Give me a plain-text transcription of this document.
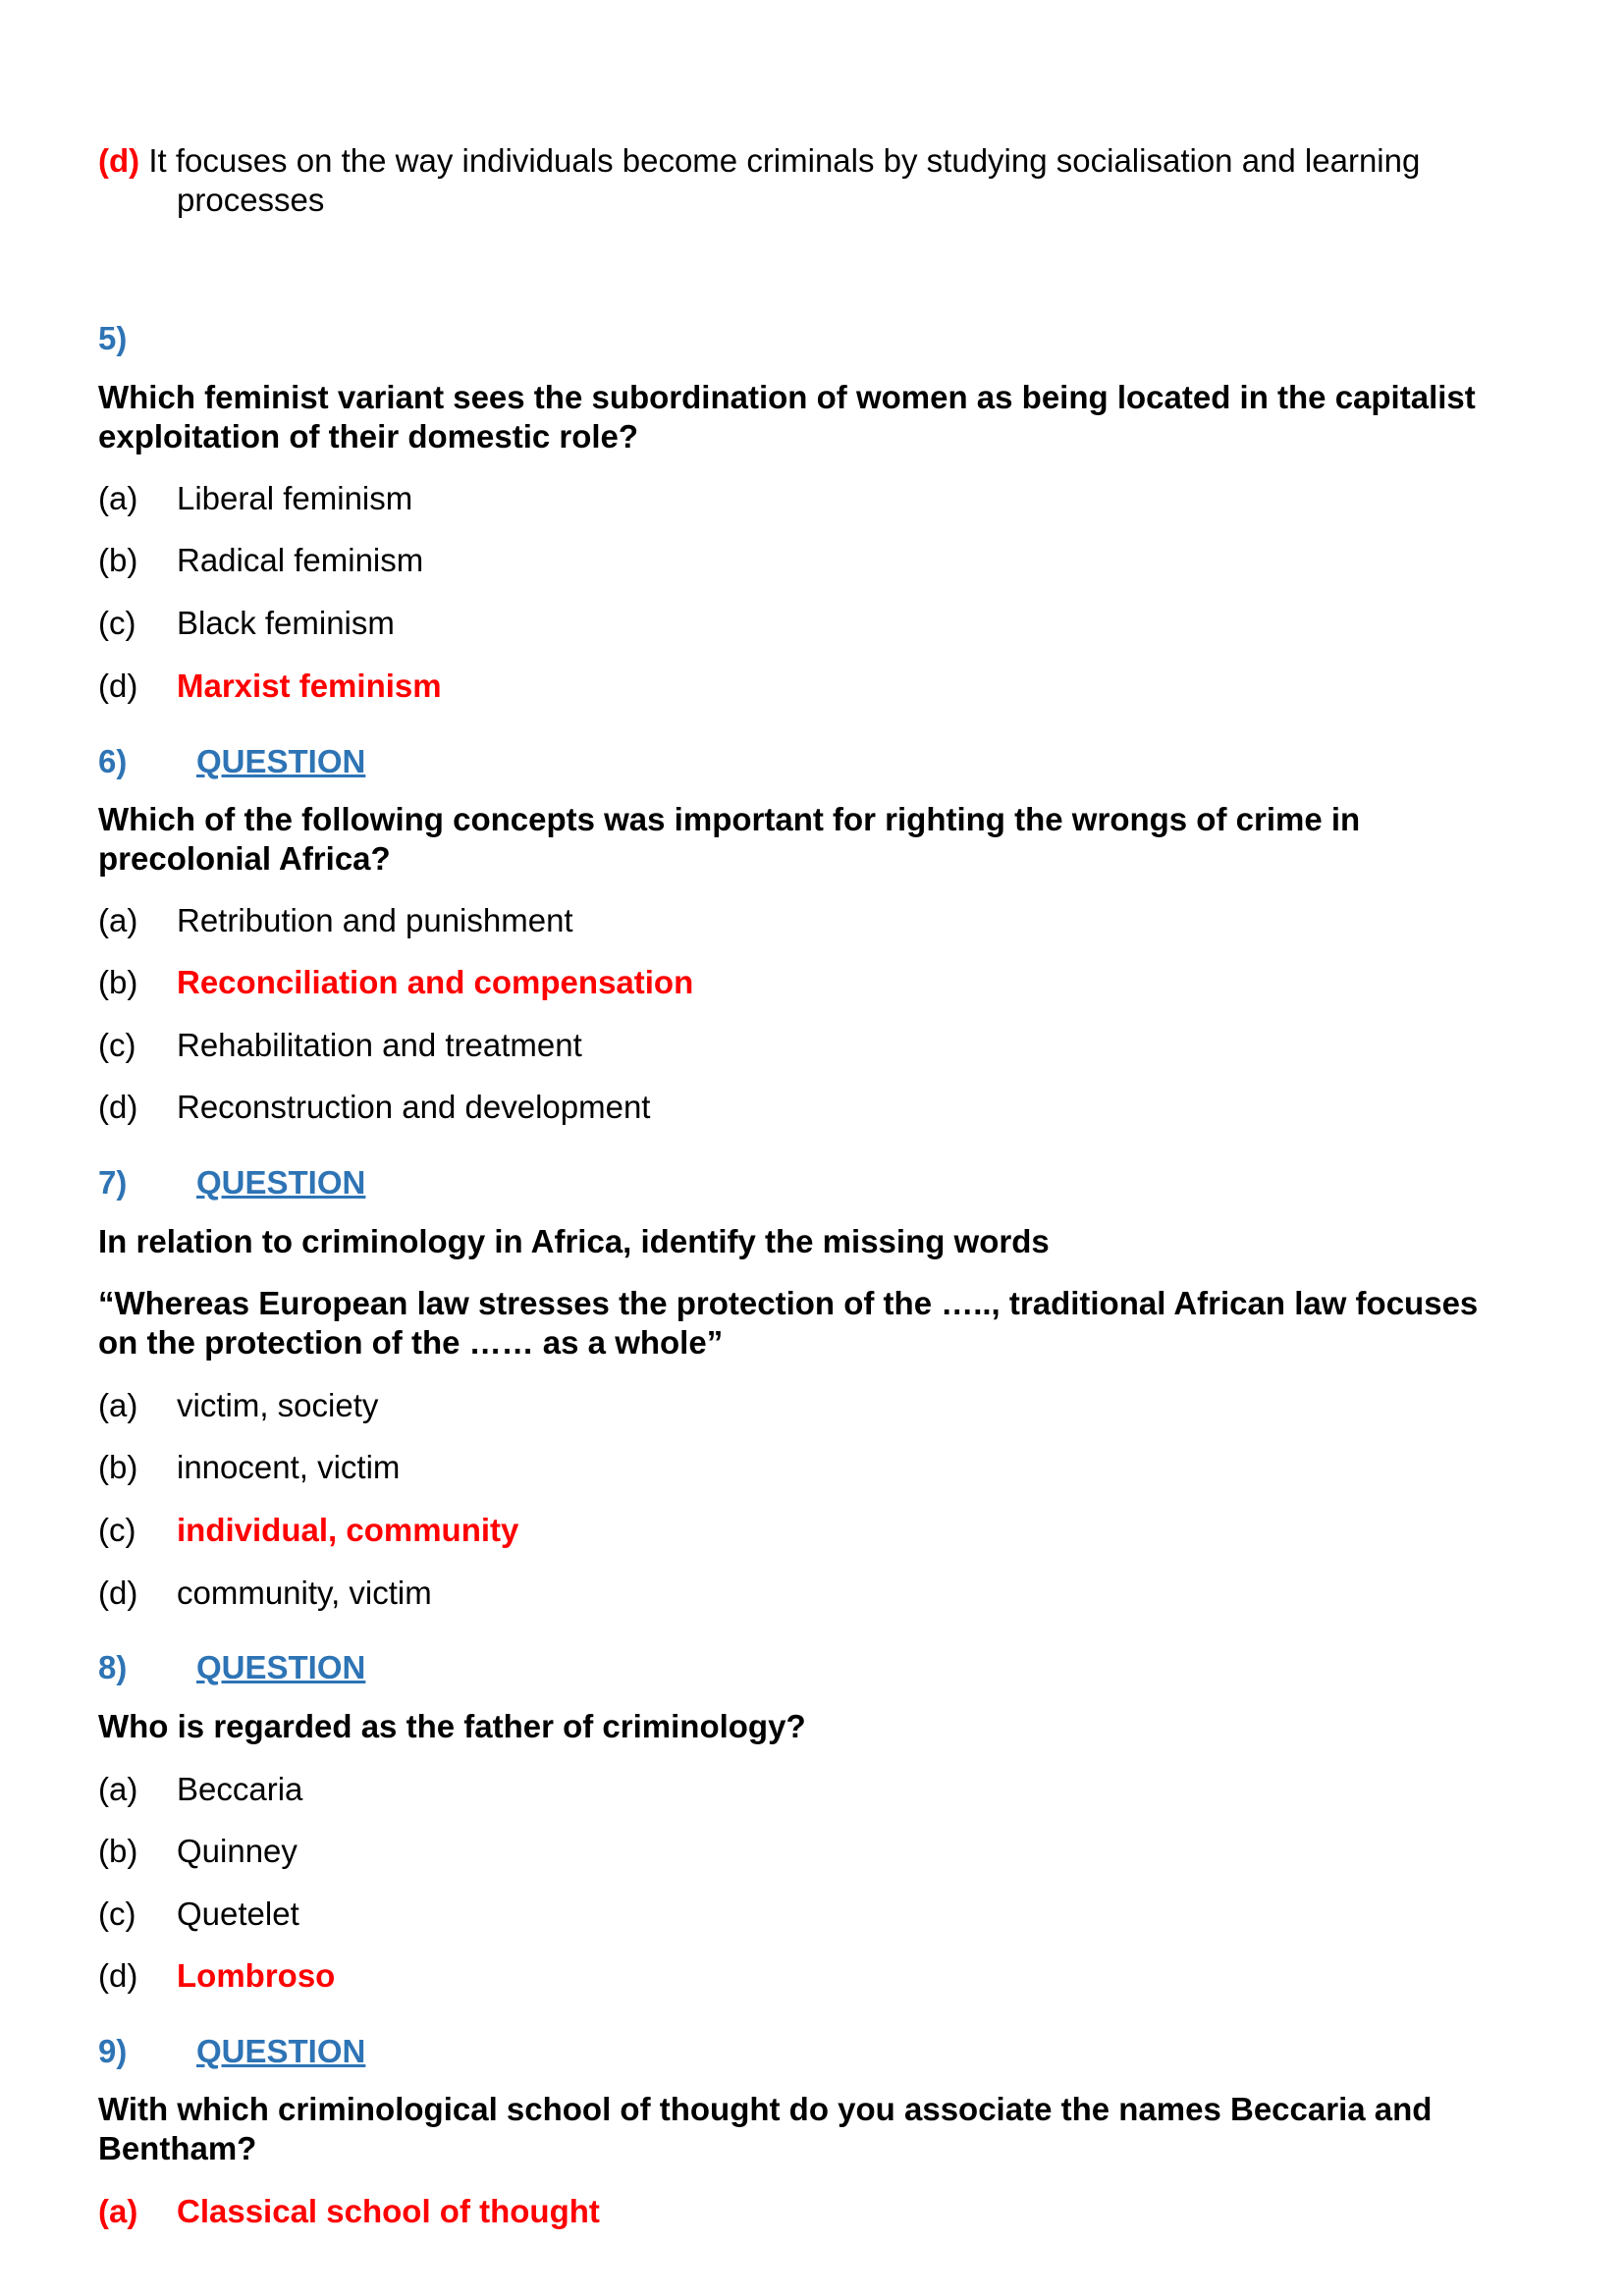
(d) It focuses on the way individuals become criminals by studying socialisation and learning
processes
5)
Which feminist variant sees the subordination of women as being located in the capitalist
exploitation of their domestic role?
(a) Liberal feminism
(b) Radical feminism
(c) Black feminism
(d) Marxist feminism
6) QUESTION
Which of the following concepts was important for righting the wrongs of crime in
precolonial Africa?
(a) Retribution and punishment
(b) Reconciliation and compensation
(c) Rehabilitation and treatment
(d) Reconstruction and development
7) QUESTION
In relation to criminology in Africa, identify the missing words
“Whereas European law stresses the protection of the ….., traditional African law focuses
on the protection of the …… as a whole”
(a) victim, society
(b) innocent, victim
(c) individual, community
(d) community, victim
8) QUESTION
Who is regarded as the father of criminology?
(a) Beccaria
(b) Quinney
(c) Quetelet
(d) Lombroso
9) QUESTION
With which criminological school of thought do you associate the names Beccaria and
Bentham?
(a) Classical school of thought
